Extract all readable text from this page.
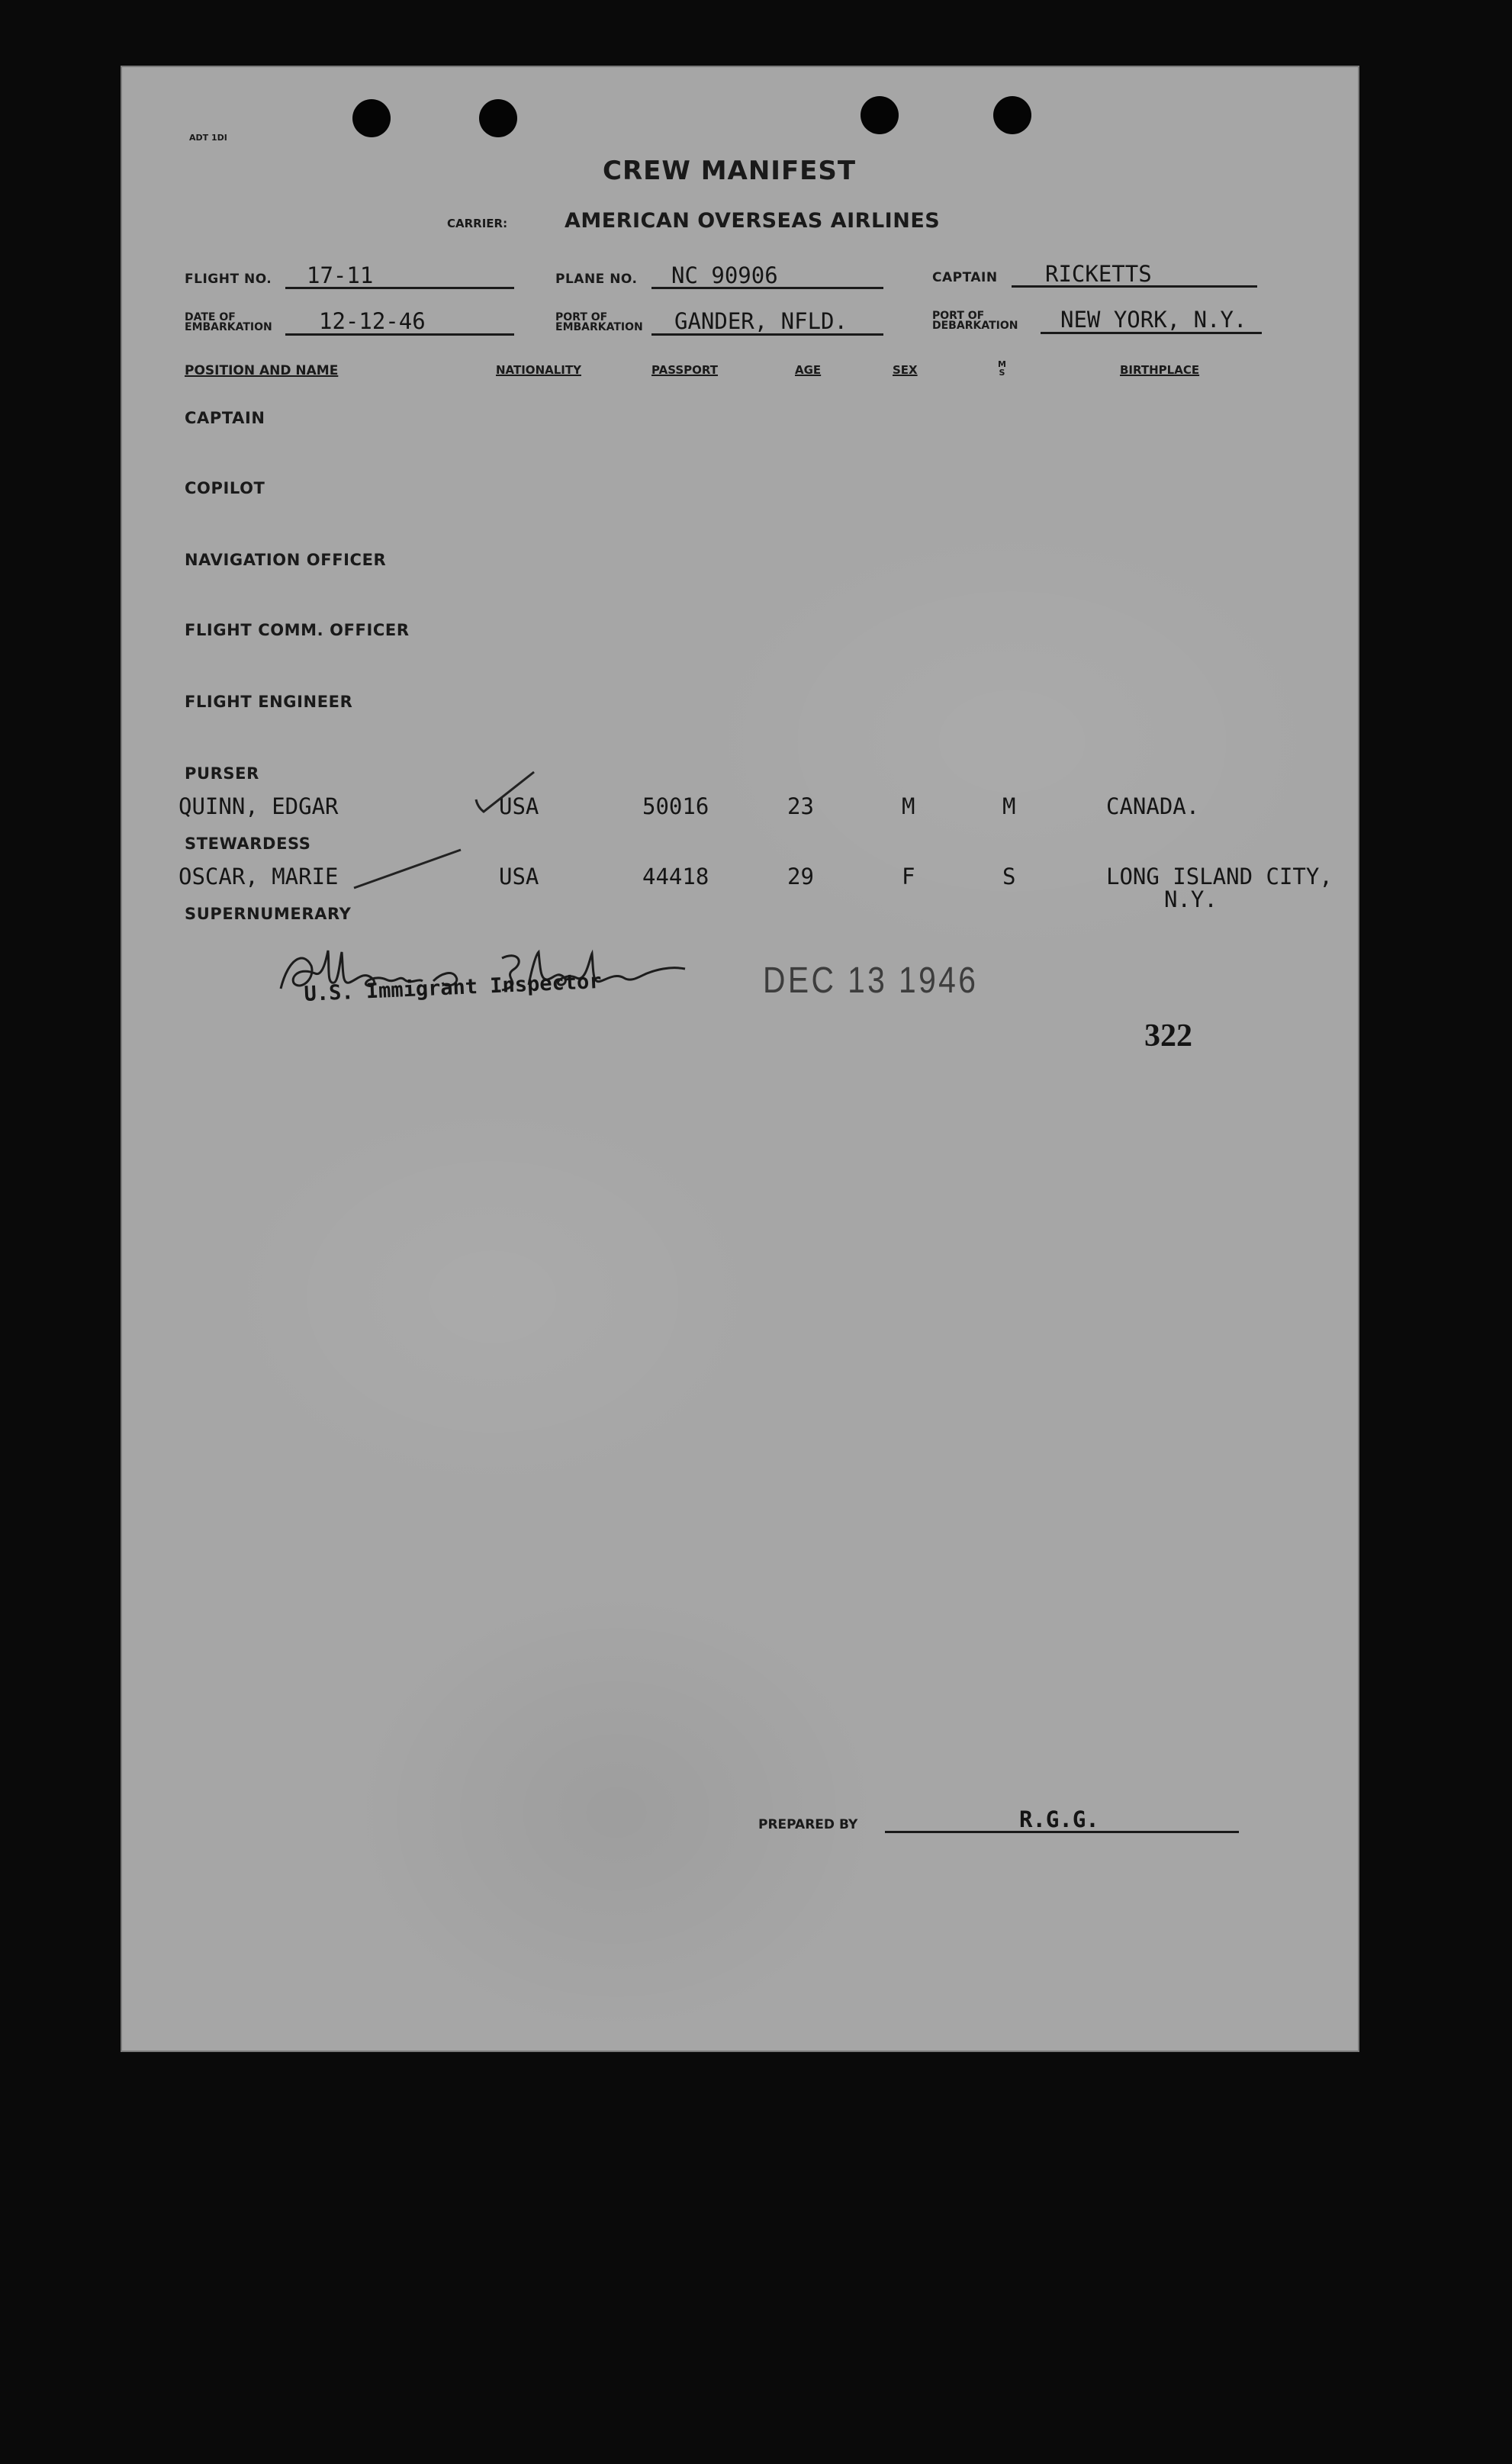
ADT 1DI
CREW MANIFEST
CARRIER:	AMERICAN OVERSEAS AIRLINES
FLIGHT NO. 17-11	PLANE NO. NC 90906	CAPTAIN RICKETTS
DATE OF
EMBARKATION 12-12-46	PORT OF
EMBARKATION GANDER, NFLD.	PORT OF
DEBARKATION NEW YORK, N.Y.
POSITION AND NAME	NATIONALITY	PASSPORT	AGE	SEX	M
S	BIRTHPLACE
CAPTAIN
COPILOT
NAVIGATION OFFICER
FLIGHT COMM. OFFICER
FLIGHT ENGINEER
PURSER
QUINN, EDGAR	USA	50016	23	M	M	CANADA.
STEWARDESS
OSCAR, MARIE	USA	44418	29	F	S	LONG ISLAND CITY,
N.Y.
SUPERNUMERARY
U.S. Immigrant Inspector	DEC 13 1946
322
PREPARED BY	R.G.G.
